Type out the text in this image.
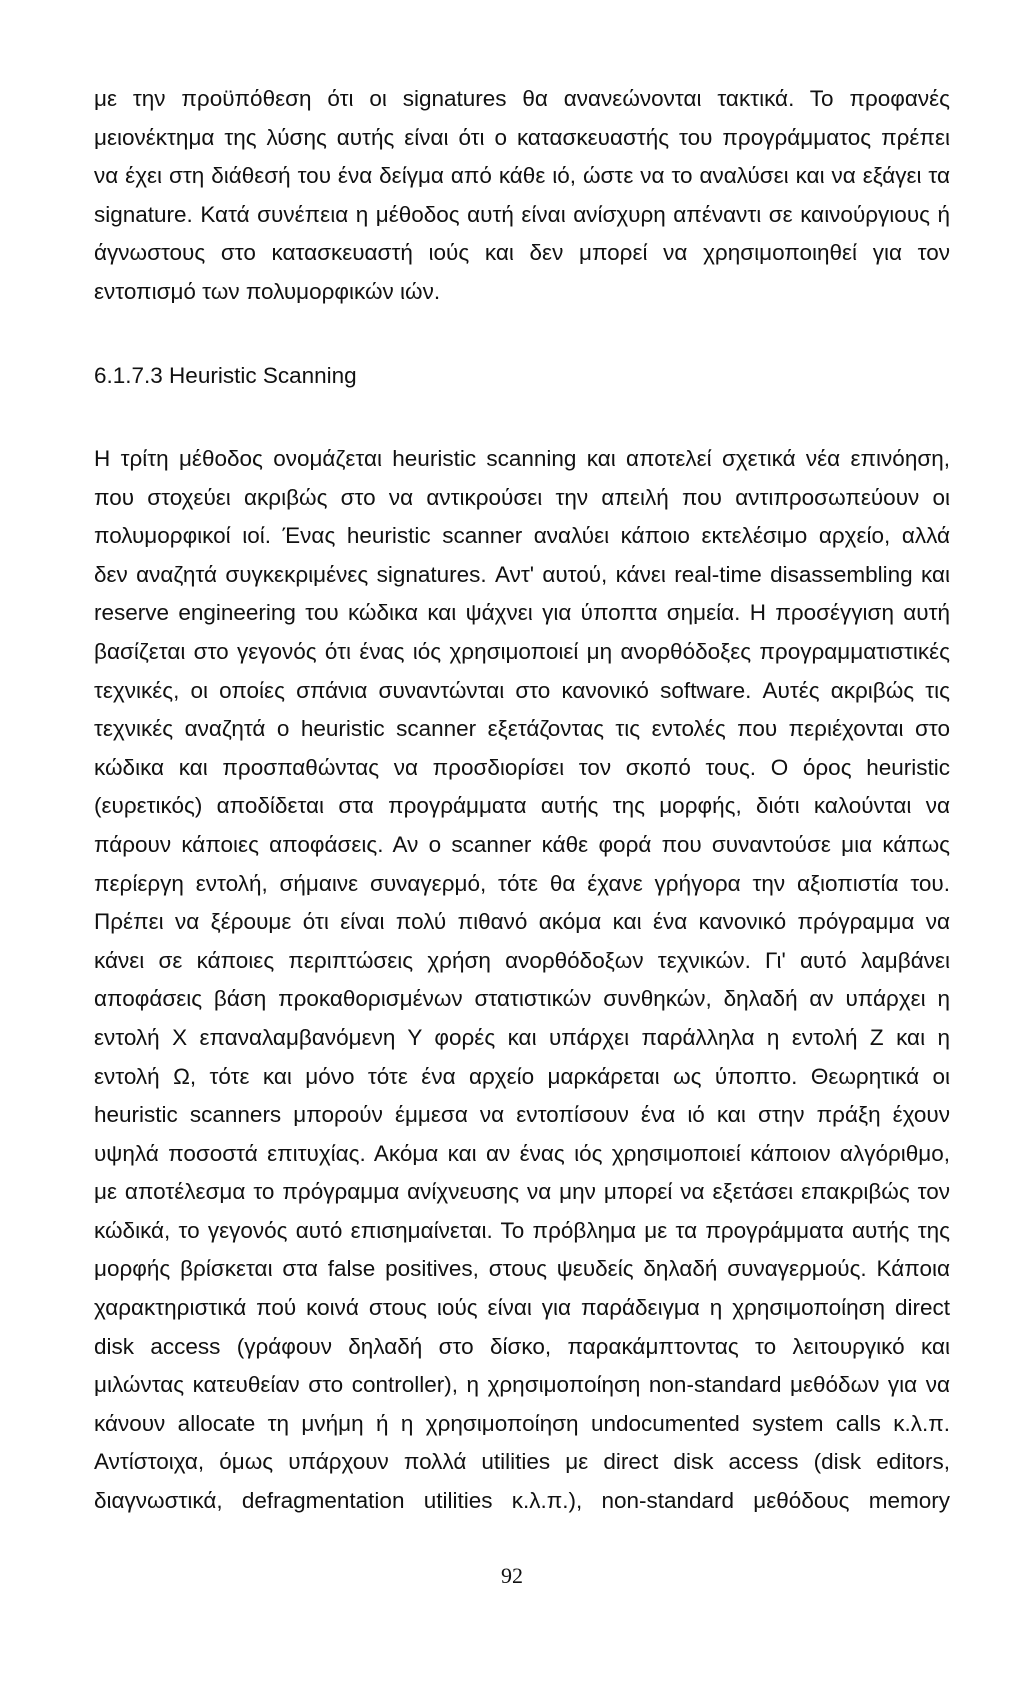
με την προϋπόθεση ότι οι signatures θα ανανεώνονται τακτικά. Το προφανές
μειονέκτημα της λύσης αυτής είναι ότι ο κατασκευαστής του προγράμματος πρέπει
να έχει στη διάθεσή του ένα δείγμα από κάθε ιό, ώστε να το αναλύσει και να εξάγει τα
signature. Κατά συνέπεια η μέθοδος αυτή είναι ανίσχυρη απέναντι σε καινούργιους ή
άγνωστους στο κατασκευαστή ιούς και δεν μπορεί να χρησιμοποιηθεί για τον
εντοπισμό των πολυμορφικών ιών.

6.1.7.3 Heuristic Scanning

Η τρίτη μέθοδος ονομάζεται heuristic scanning και αποτελεί σχετικά νέα επινόηση,
που στοχεύει ακριβώς στο να αντικρούσει την απειλή που αντιπροσωπεύουν οι
πολυμορφικοί ιοί. Ένας heuristic scanner αναλύει κάποιο εκτελέσιμο αρχείο, αλλά
δεν αναζητά συγκεκριμένες signatures. Αντ' αυτού, κάνει real-time disassembling και
reserve engineering του κώδικα και ψάχνει για ύποπτα σημεία. Η προσέγγιση αυτή
βασίζεται στο γεγονός ότι ένας ιός χρησιμοποιεί μη ανορθόδοξες προγραμματιστικές
τεχνικές, οι οποίες σπάνια συναντώνται στο κανονικό software. Αυτές ακριβώς τις
τεχνικές αναζητά ο heuristic scanner εξετάζοντας τις εντολές που περιέχονται στο
κώδικα και προσπαθώντας να προσδιορίσει τον σκοπό τους. Ο όρος heuristic
(ευρετικός) αποδίδεται στα προγράμματα αυτής της μορφής, διότι καλούνται να
πάρουν κάποιες αποφάσεις. Αν ο scanner κάθε φορά που συναντούσε μια κάπως
περίεργη εντολή, σήμαινε συναγερμό, τότε θα έχανε γρήγορα την αξιοπιστία του.
Πρέπει να ξέρουμε ότι είναι πολύ πιθανό ακόμα και ένα κανονικό πρόγραμμα να
κάνει σε κάποιες περιπτώσεις χρήση ανορθόδοξων τεχνικών. Γι' αυτό λαμβάνει
αποφάσεις βάση προκαθορισμένων στατιστικών συνθηκών, δηλαδή αν υπάρχει η
εντολή X επαναλαμβανόμενη Υ φορές και υπάρχει παράλληλα η εντολή Ζ και η
εντολή Ω, τότε και μόνο τότε ένα αρχείο μαρκάρεται ως ύποπτο. Θεωρητικά οι
heuristic scanners μπορούν έμμεσα να εντοπίσουν ένα ιό και στην πράξη έχουν
υψηλά ποσοστά επιτυχίας. Ακόμα και αν ένας ιός χρησιμοποιεί κάποιον αλγόριθμο,
με αποτέλεσμα το πρόγραμμα ανίχνευσης να μην μπορεί να εξετάσει επακριβώς τον
κώδικά, το γεγονός αυτό επισημαίνεται. Το πρόβλημα με τα προγράμματα αυτής της
μορφής βρίσκεται στα false positives, στους ψευδείς δηλαδή συναγερμούς. Κάποια
χαρακτηριστικά πού κοινά στους ιούς είναι για παράδειγμα η χρησιμοποίηση direct
disk access (γράφουν δηλαδή στο δίσκο, παρακάμπτοντας το λειτουργικό και
μιλώντας κατευθείαν στο controller), η χρησιμοποίηση non-standard μεθόδων για να
κάνουν allocate τη μνήμη ή η χρησιμοποίηση undocumented system calls κ.λ.π.
Αντίστοιχα, όμως υπάρχουν πολλά utilities με direct disk access (disk editors,
διαγνωστικά, defragmentation utilities κ.λ.π.), non-standard μεθόδους memory

92
